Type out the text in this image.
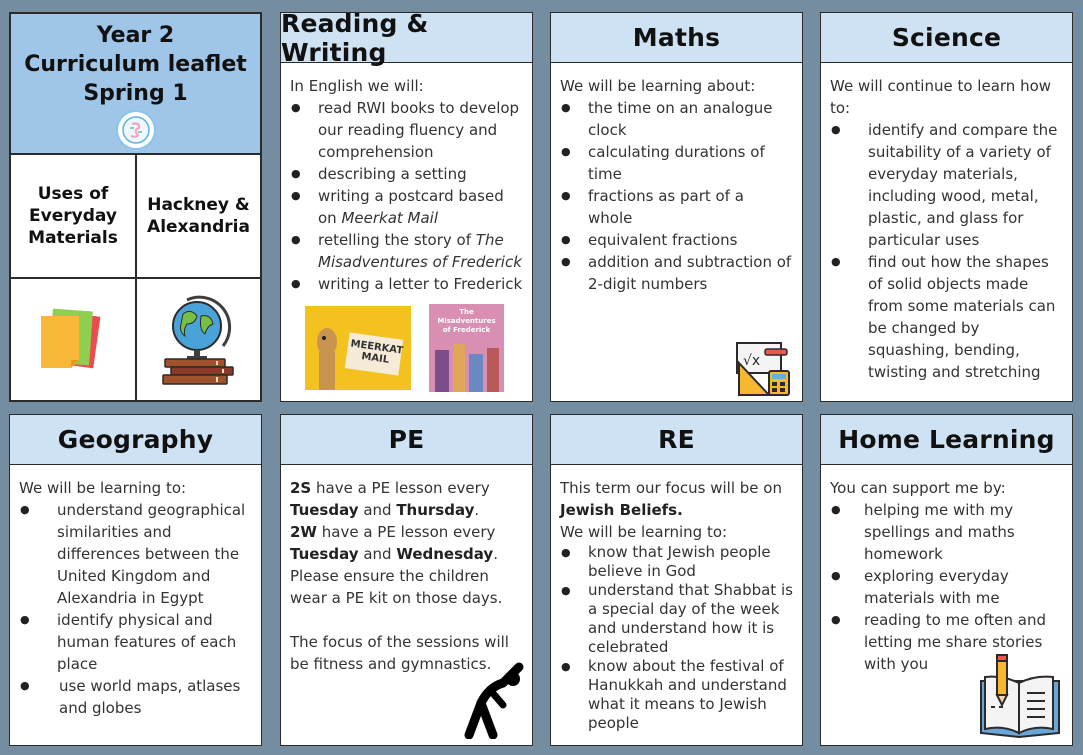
Year 2
Curriculum leaflet
Spring 1
Uses of Everyday Materials
Hackney & Alexandria
Reading & Writing
In English we will:
● read RWI books to develop our reading fluency and comprehension
● describing a setting
● writing a postcard based on Meerkat Mail
● retelling the story of The Misadventures of Frederick
● writing a letter to Frederick
MEERKAT MAIL
The
Misadventures
of Frederick
Maths
We will be learning about:
● the time on an analogue clock
● calculating durations of time
● fractions as part of a whole
● equivalent fractions
● addition and subtraction of 2-digit numbers
√x
Science
We will continue to learn how to:
● identify and compare the suitability of a variety of everyday materials, including wood, metal, plastic, and glass for particular uses
● find out how the shapes of solid objects made from some materials can be changed by squashing, bending, twisting and stretching
Geography
We will be learning to:
● understand geographical similarities and differences between the United Kingdom and Alexandria in Egypt
● identify physical and human features of each place
● use world maps, atlases and globes
PE
2S have a PE lesson every Tuesday and Thursday.
2W have a PE lesson every Tuesday and Wednesday.
Please ensure the children wear a PE kit on those days.
The focus of the sessions will be fitness and gymnastics.
RE
This term our focus will be on
Jewish Beliefs.
We will be learning to:
● know that Jewish people believe in God
● understand that Shabbat is a special day of the week and understand how it is celebrated
● know about the festival of Hanukkah and understand what it means to Jewish people
Home Learning
You can support me by:
● helping me with my spellings and maths homework
● exploring everyday materials with me
● reading to me often and letting me share stories with you
